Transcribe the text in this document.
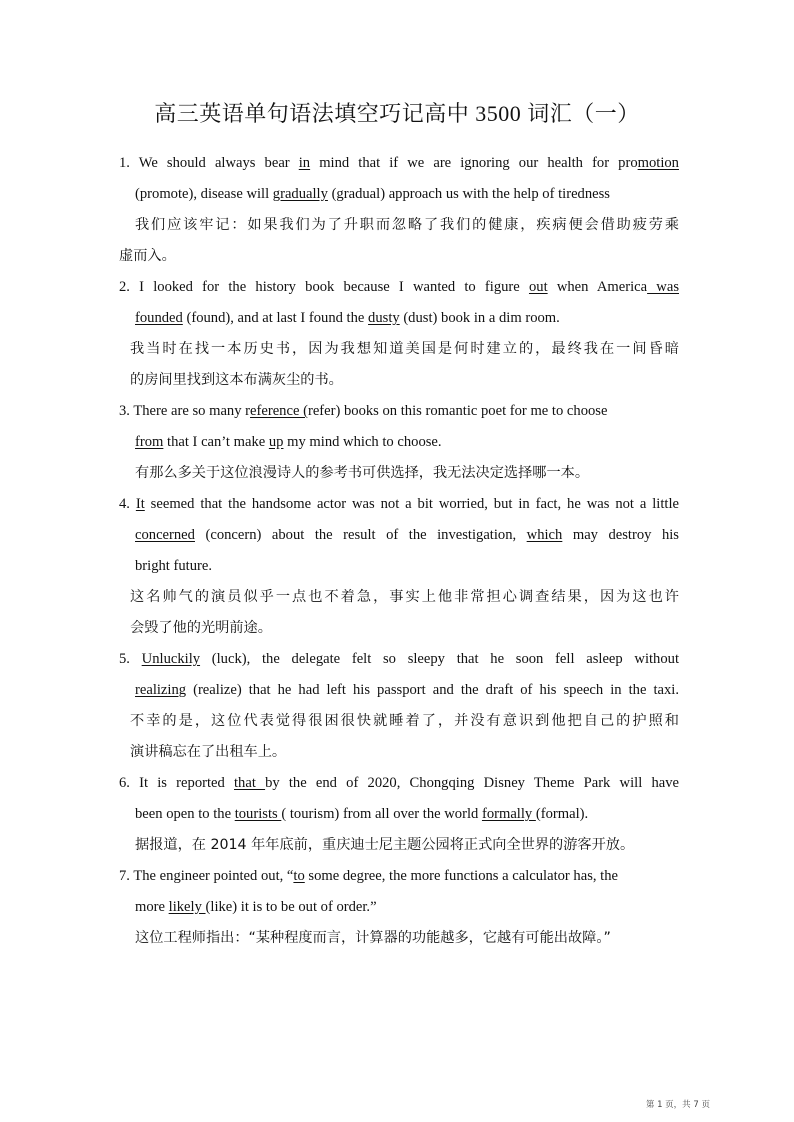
高三英语单句语法填空巧记高中 3500 词汇（一）
1. We should always bear in mind that if we are ignoring our health for promotion
(promote), disease will gradually (gradual) approach us with the help of tiredness
我们应该牢记：如果我们为了升职而忽略了我们的健康，疾病便会借助疲劳乘
虚而入。
2. I looked for the history book because I wanted to figure out when America was
founded (found), and at last I found the dusty (dust) book in a dim room.
我当时在找一本历史书，因为我想知道美国是何时建立的，最终我在一间昏暗
的房间里找到这本布满灰尘的书。
3. There are so many reference (refer) books on this romantic poet for me to choose
from that I can’t make up my mind which to choose.
有那么多关于这位浪漫诗人的参考书可供选择，我无法决定选择哪一本。
4. It seemed that the handsome actor was not a bit worried, but in fact, he was not a little
concerned (concern) about the result of the investigation, which may destroy his
bright future.
这名帅气的演员似乎一点也不着急，事实上他非常担心调查结果，因为这也许
会毁了他的光明前途。
5. Unluckily (luck), the delegate felt so sleepy that he soon fell asleep without
realizing (realize) that he had left his passport and the draft of his speech in the taxi.
不幸的是，这位代表觉得很困很快就睡着了，并没有意识到他把自己的护照和
演讲稿忘在了出租车上。
6. It is reported that by the end of 2020, Chongqing Disney Theme Park will have
been open to the tourists ( tourism) from all over the world formally (formal).
据报道，在 2014 年年底前，重庆迪士尼主题公园将正式向全世界的游客开放。
7. The engineer pointed out, “to some degree, the more functions a calculator has, the
more likely (like) it is to be out of order.”
这位工程师指出：“某种程度而言，计算器的功能越多，它越有可能出故障。”
第 1 页，共 7 页
